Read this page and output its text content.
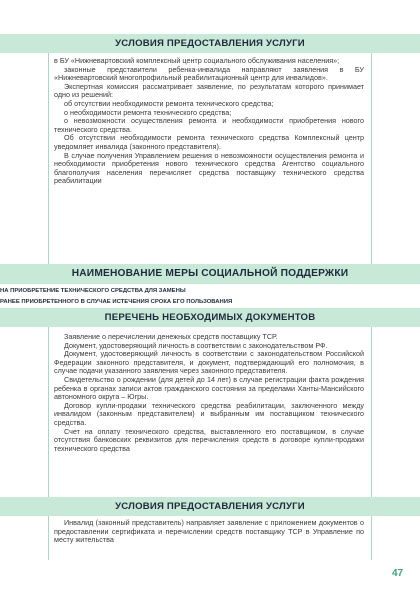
УСЛОВИЯ ПРЕДОСТАВЛЕНИЯ УСЛУГИ

в БУ «Нижневартовский комплексный центр социального обслуживания населения»;

законные представители ребенка-инвалида направляют заявления в БУ «Нижневартовский многопрофильный реабилитационный центр для инвалидов».

Экспертная комиссия рассматривает заявление, по результатам которого принимает одно из решений:

об отсутствии необходимости ремонта технического средства;

о необходимости ремонта технического средства;

о невозможности осуществления ремонта и необходимости приобретения нового технического средства.

Об отсутствии необходимости ремонта технического средства Комплексный центр уведомляет инвалида (законного представителя).

В случае получения Управлением решения о невозможности осуществления ремонта и необходимости приобретения нового технического средства Агентство социального благополучия населения перечисляет средства поставщику технического средства реабилитации

НАИМЕНОВАНИЕ МЕРЫ СОЦИАЛЬНОЙ ПОДДЕРЖКИ
НА ПРИОБРЕТЕНИЕ ТЕХНИЧЕСКОГО СРЕДСТВА ДЛЯ ЗАМЕНЫ
РАНЕЕ ПРИОБРЕТЕННОГО В СЛУЧАЕ ИСТЕЧЕНИЯ СРОКА ЕГО ПОЛЬЗОВАНИЯ
ПЕРЕЧЕНЬ НЕОБХОДИМЫХ ДОКУМЕНТОВ

Заявление о перечислении денежных средств поставщику ТСР.

Документ, удостоверяющий личность в соответствии с законодательством РФ.

Документ, удостоверяющий личность в соответствии с законодательством Российской Федерации законного представителя, и документ, подтверждающий его полномочия, в случае подачи указанного заявления через законного представителя.

Свидетельство о рождении (для детей до 14 лет) в случае регистрации факта рождения ребенка в органах записи актов гражданского состояния за пределами Ханты-Мансийского автономного округа – Югры.

Договор купли-продажи технического средства реабилитации, заключенного между инвалидом (законным представителем) и выбранным им поставщиком технического средства.

Счет на оплату технического средства, выставленного его поставщиком, в случае отсутствия банковских реквизитов для перечисления средств в договоре купли-продажи технического средства

УСЛОВИЯ ПРЕДОСТАВЛЕНИЯ УСЛУГИ

Инвалид (законный представитель) направляет заявление с приложением документов о предоставлении сертификата и перечислении средств поставщику ТСР в Управление по месту жительства

47
